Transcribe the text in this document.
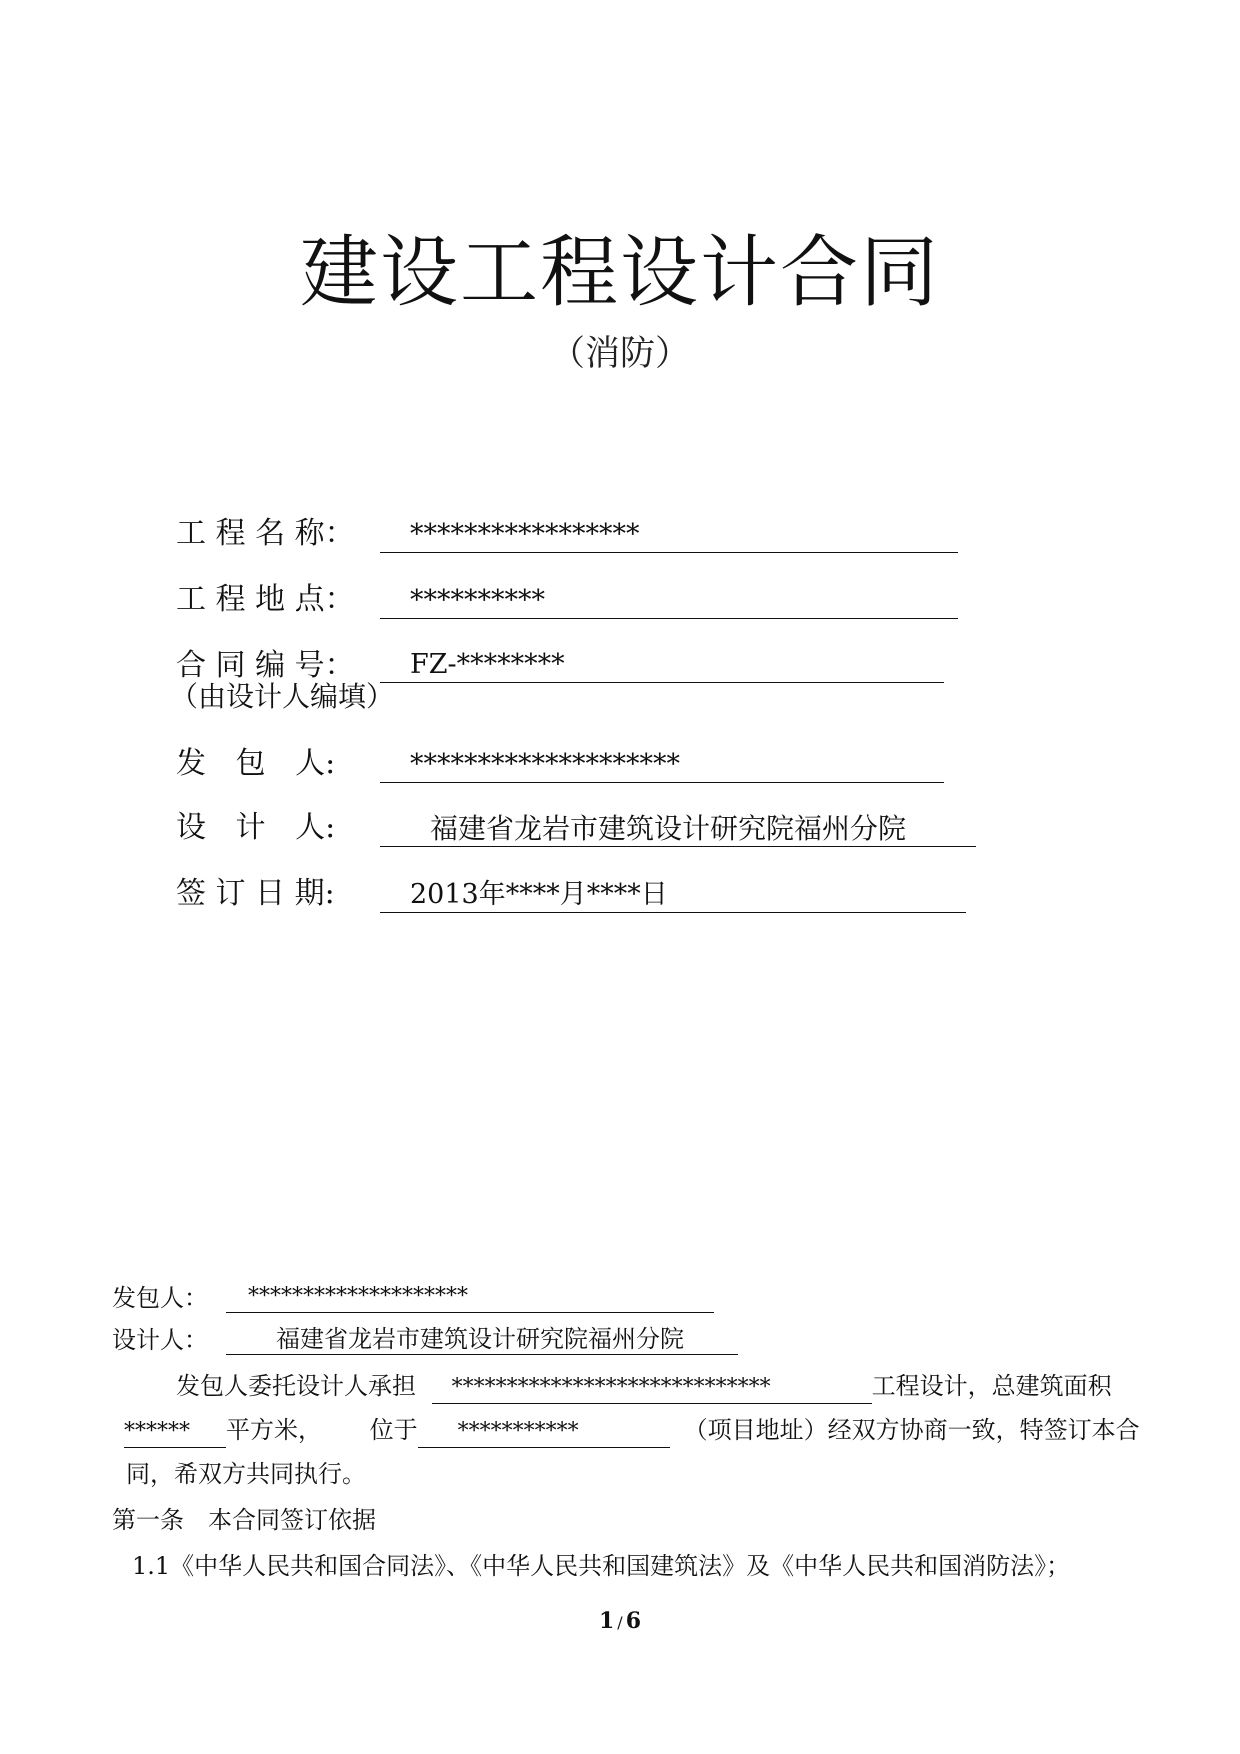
建设工程设计合同
（消防）
工 程 名 称：	*****************
工 程 地 点：	**********
合 同 编 号：	FZ-********
（由设计人编填）
发 包 人:	********************
设 计 人:	福建省龙岩市建筑设计研究院福州分院
签 订 日 期:	2013年****月****日
发包人：	********************
设计人：	福建省龙岩市建筑设计研究院福州分院
发包人委托设计人承担 *****************************	工程设计，总建筑面积
****** 平方米， 位于 ***********	（项目地址）经双方协商一致，特签订本合
同，希双方共同执行。
第一条　本合同签订依据
1.1《中华人民共和国合同法》、《中华人民共和国建筑法》及《中华人民共和国消防法》；
1 / 6
